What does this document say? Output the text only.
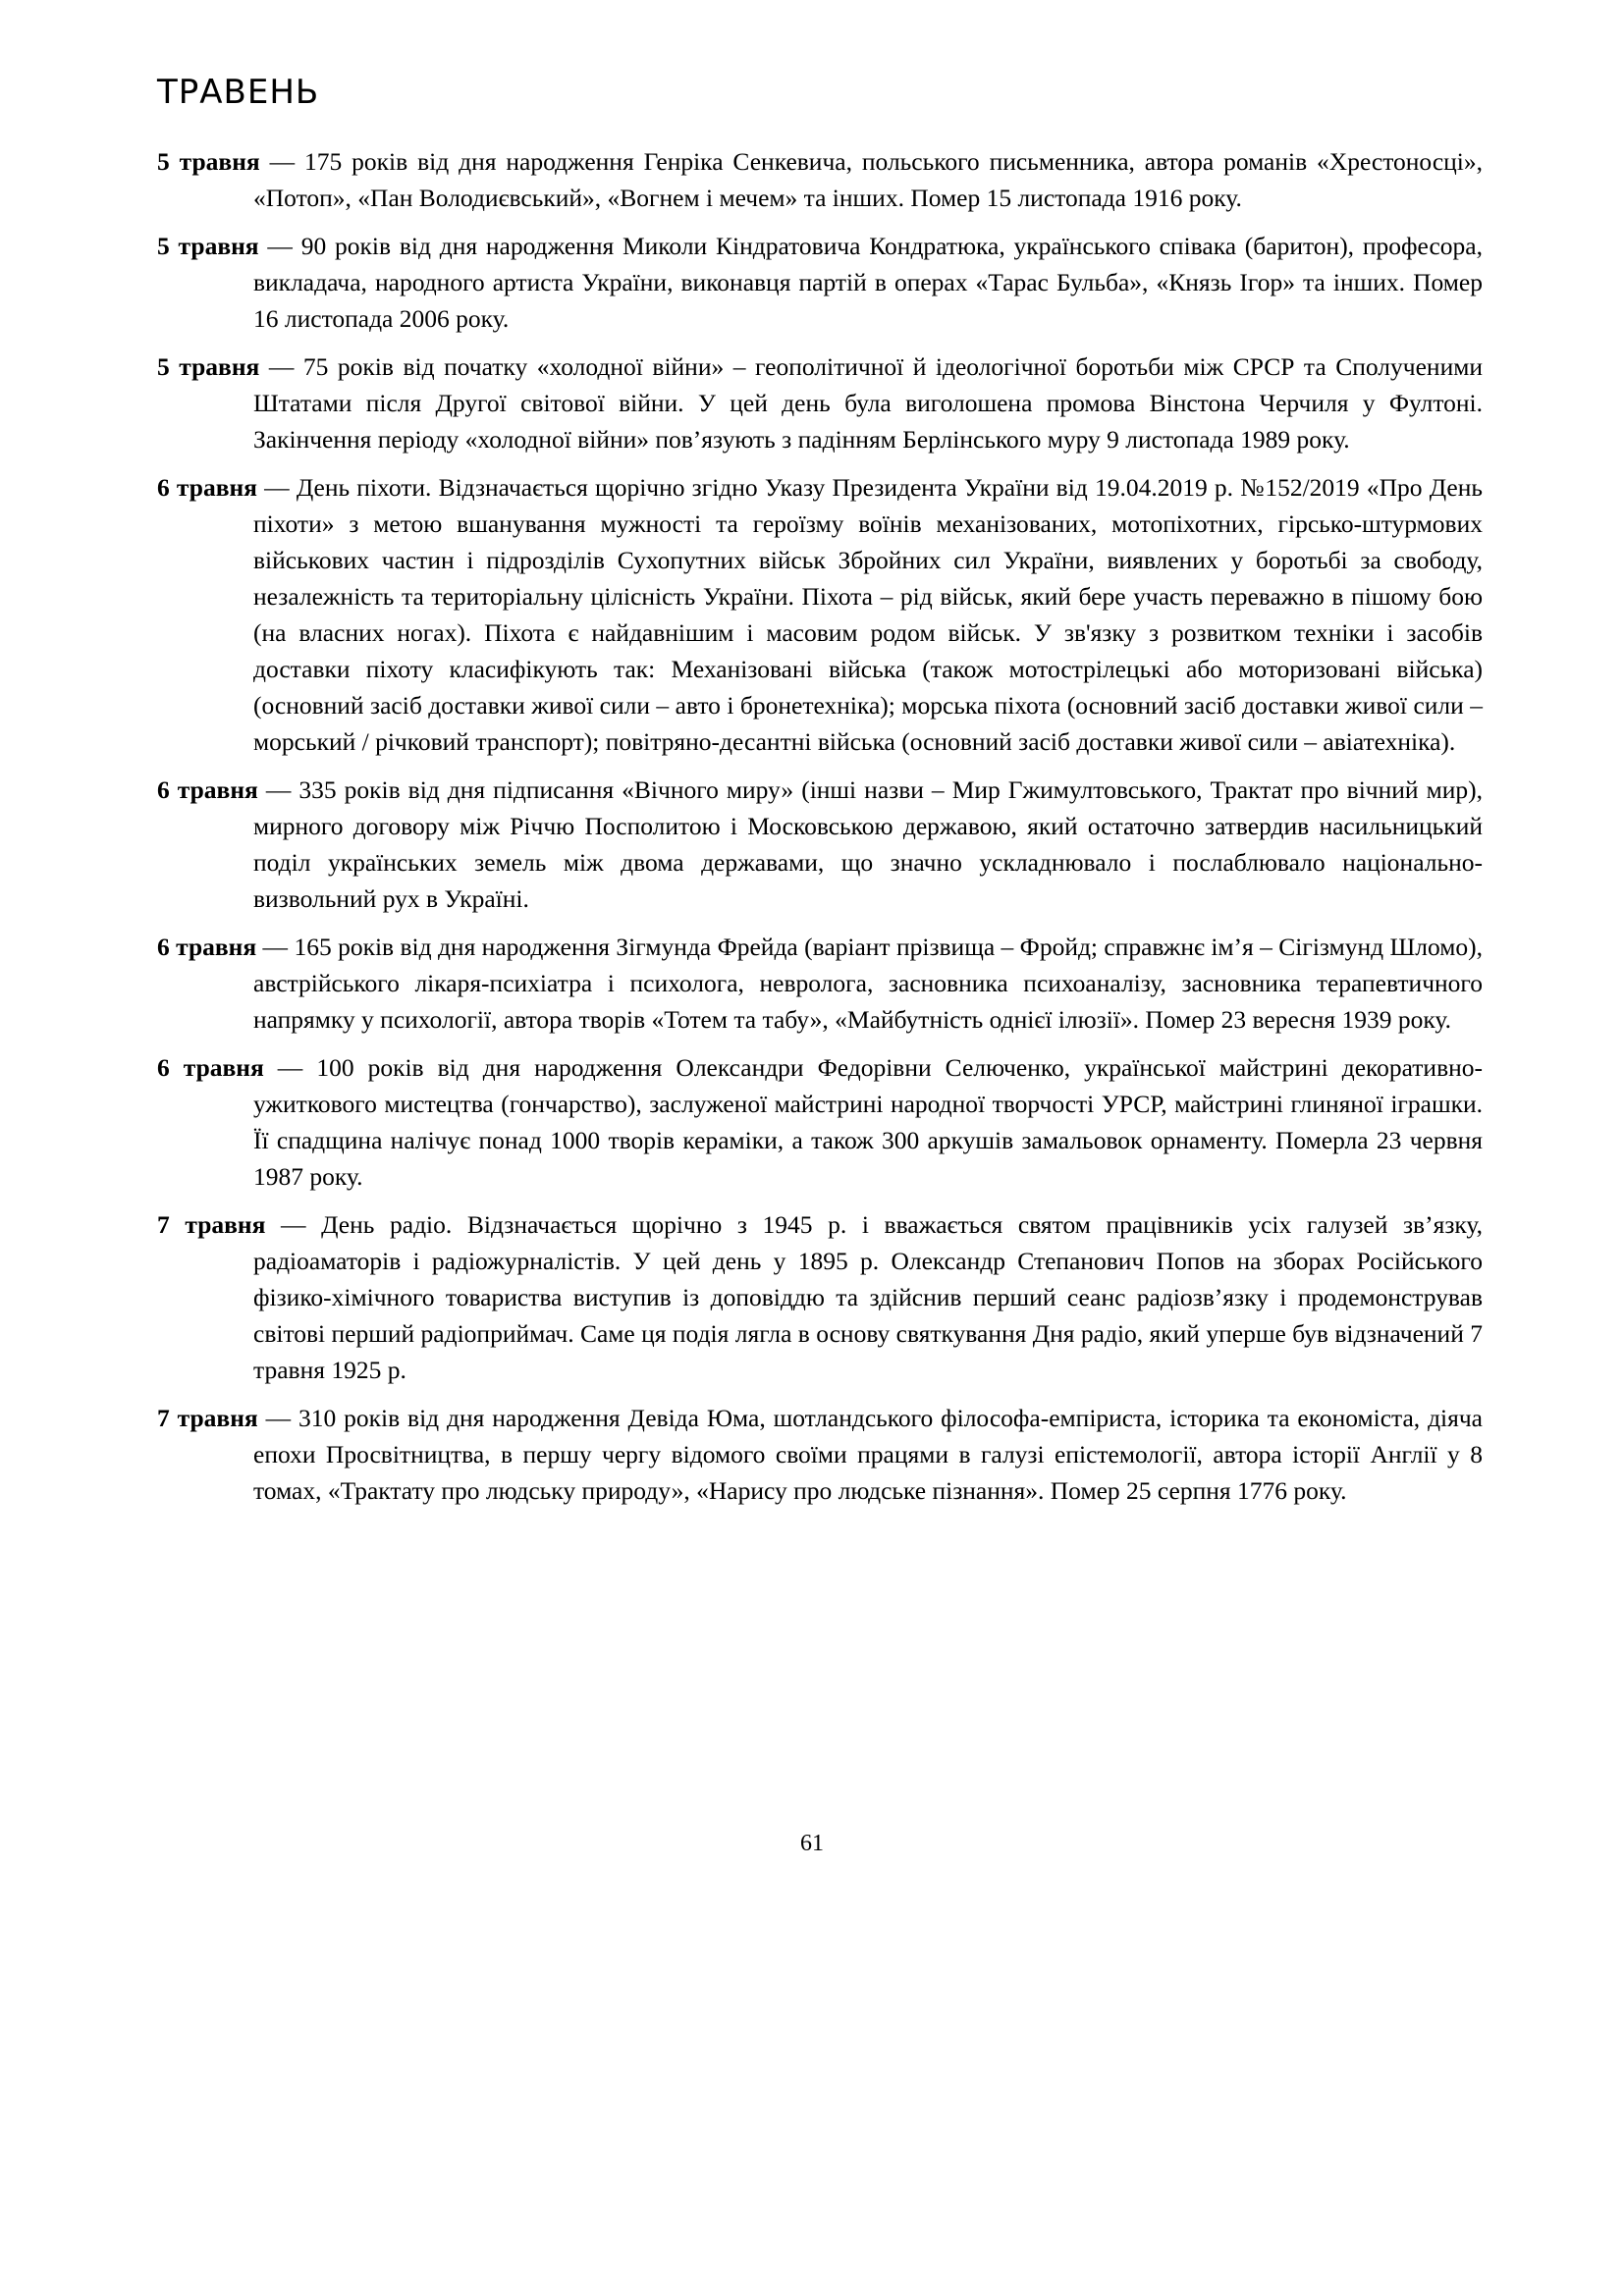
ТРАВЕНЬ

5 травня — 175 років від дня народження Генріка Сенкевича, польського письменника, автора романів «Хрестоносці», «Потоп», «Пан Володиєвський», «Вогнем і мечем» та інших. Помер 15 листопада 1916 року.

5 травня — 90 років від дня народження Миколи Кіндратовича Кондратюка, українського співака (баритон), професора, викладача, народного артиста України, виконавця партій в операх «Тарас Бульба», «Князь Ігор» та інших. Помер 16 листопада 2006 року.

5 травня — 75 років від початку «холодної війни» – геополітичної й ідеологічної боротьби між СРСР та Сполученими Штатами після Другої світової війни. У цей день була виголошена промова Вінстона Черчиля у Фултоні. Закінчення періоду «холодної війни» пов’язують з падінням Берлінського муру 9 листопада 1989 року.

6 травня — День піхоти. Відзначається щорічно згідно Указу Президента України від 19.04.2019 р. №152/2019 «Про День піхоти» з метою вшанування мужності та героїзму воїнів механізованих, мотопіхотних, гірсько-штурмових військових частин і підрозділів Сухопутних військ Збройних сил України, виявлених у боротьбі за свободу, незалежність та територіальну цілісність України. Піхота – рід військ, який бере участь переважно в пішому бою (на власних ногах). Піхота є найдавнішим і масовим родом військ. У зв'язку з розвитком техніки і засобів доставки піхоту класифікують так: Механізовані війська (також мотострілецькі або моторизовані війська) (основний засіб доставки живої сили – авто і бронетехніка); морська піхота (основний засіб доставки живої сили – морський / річковий транспорт); повітряно-десантні війська (основний засіб доставки живої сили – авіатехніка).

6 травня — 335 років від дня підписання «Вічного миру» (інші назви – Мир Гжимултовського, Трактат про вічний мир), мирного договору між Річчю Посполитою і Московською державою, який остаточно затвердив насильницький поділ українських земель між двома державами, що значно ускладнювало і послаблювало національно-визвольний рух в Україні.

6 травня — 165 років від дня народження Зігмунда Фрейда (варіант прізвища – Фройд; справжнє ім’я – Сігізмунд Шломо), австрійського лікаря-психіатра і психолога, невролога, засновника психоаналізу, засновника терапевтичного напрямку у психології, автора творів «Тотем та табу», «Майбутність однієї ілюзії». Помер 23 вересня 1939 року.

6 травня — 100 років від дня народження Олександри Федорівни Селюченко, української майстрині декоративно-ужиткового мистецтва (гончарство), заслуженої майстрині народної творчості УРСР, майстрині глиняної іграшки. Її спадщина налічує понад 1000 творів кераміки, а також 300 аркушів замальовок орнаменту. Померла 23 червня 1987 року.

7 травня — День радіо. Відзначається щорічно з 1945 р. і вважається святом працівників усіх галузей зв’язку, радіоаматорів і радіожурналістів. У цей день у 1895 р. Олександр Степанович Попов на зборах Російського фізико-хімічного товариства виступив із доповіддю та здійснив перший сеанс радіозв’язку і продемонстрував світові перший радіоприймач. Саме ця подія лягла в основу святкування Дня радіо, який уперше був відзначений 7 травня 1925 р.

7 травня — 310 років від дня народження Девіда Юма, шотландського філософа-емпіриста, історика та економіста, діяча епохи Просвітництва, в першу чергу відомого своїми працями в галузі епістемології, автора історії Англії у 8 томах, «Трактату про людську природу», «Нарису про людське пізнання». Помер 25 серпня 1776 року.

61
